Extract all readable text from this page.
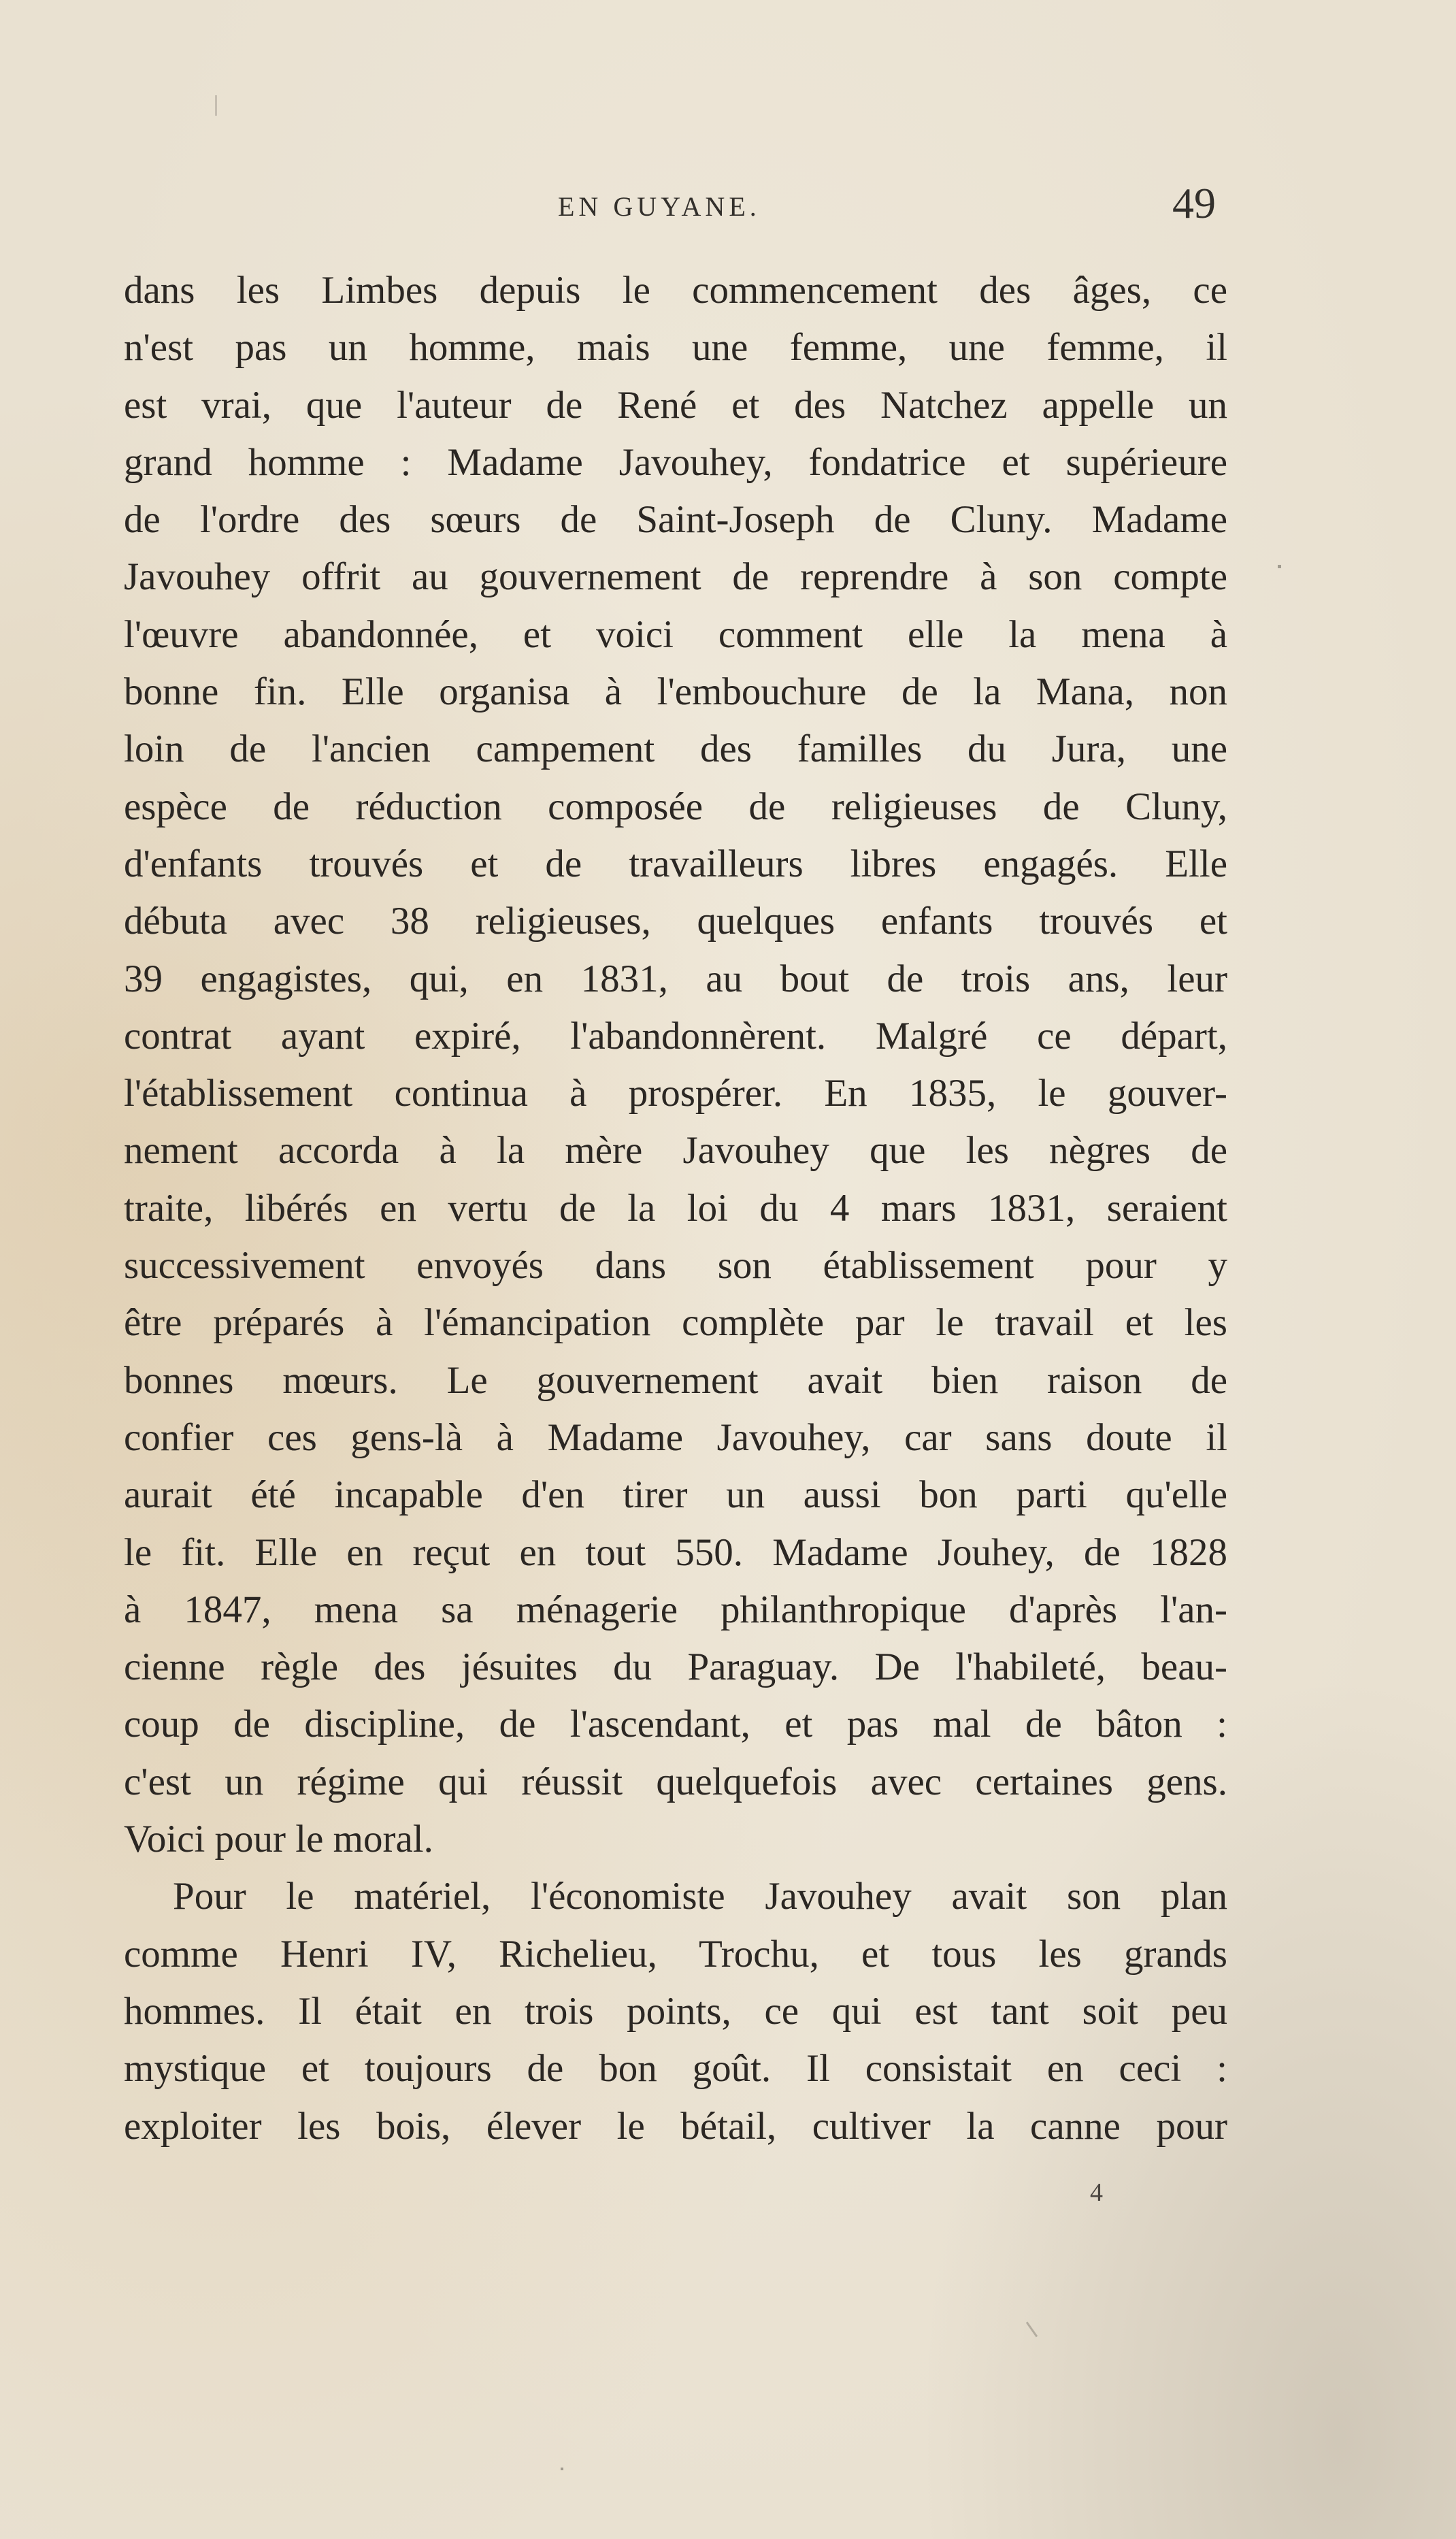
EN GUYANE.	49
dans les Limbes depuis le commencement des âges, ce
n'est pas un homme, mais une femme, une femme, il
est vrai, que l'auteur de René et des Natchez appelle un
grand homme : Madame Javouhey, fondatrice et supérieure
de l'ordre des sœurs de Saint-Joseph de Cluny. Madame
Javouhey offrit au gouvernement de reprendre à son compte
l'œuvre abandonnée, et voici comment elle la mena à
bonne fin. Elle organisa à l'embouchure de la Mana, non
loin de l'ancien campement des familles du Jura, une
espèce de réduction composée de religieuses de Cluny,
d'enfants trouvés et de travailleurs libres engagés. Elle
débuta avec 38 religieuses, quelques enfants trouvés et
39 engagistes, qui, en 1831, au bout de trois ans, leur
contrat ayant expiré, l'abandonnèrent. Malgré ce départ,
l'établissement continua à prospérer. En 1835, le gouver-
nement accorda à la mère Javouhey que les nègres de
traite, libérés en vertu de la loi du 4 mars 1831, seraient
successivement envoyés dans son établissement pour y
être préparés à l'émancipation complète par le travail et les
bonnes mœurs. Le gouvernement avait bien raison de
confier ces gens-là à Madame Javouhey, car sans doute il
aurait été incapable d'en tirer un aussi bon parti qu'elle
le fit. Elle en reçut en tout 550. Madame Jouhey, de 1828
à 1847, mena sa ménagerie philanthropique d'après l'an-
cienne règle des jésuites du Paraguay. De l'habileté, beau-
coup de discipline, de l'ascendant, et pas mal de bâton :
c'est un régime qui réussit quelquefois avec certaines gens.
Voici pour le moral.
Pour le matériel, l'économiste Javouhey avait son plan
comme Henri IV, Richelieu, Trochu, et tous les grands
hommes. Il était en trois points, ce qui est tant soit peu
mystique et toujours de bon goût. Il consistait en ceci :
exploiter les bois, élever le bétail, cultiver la canne pour
4
